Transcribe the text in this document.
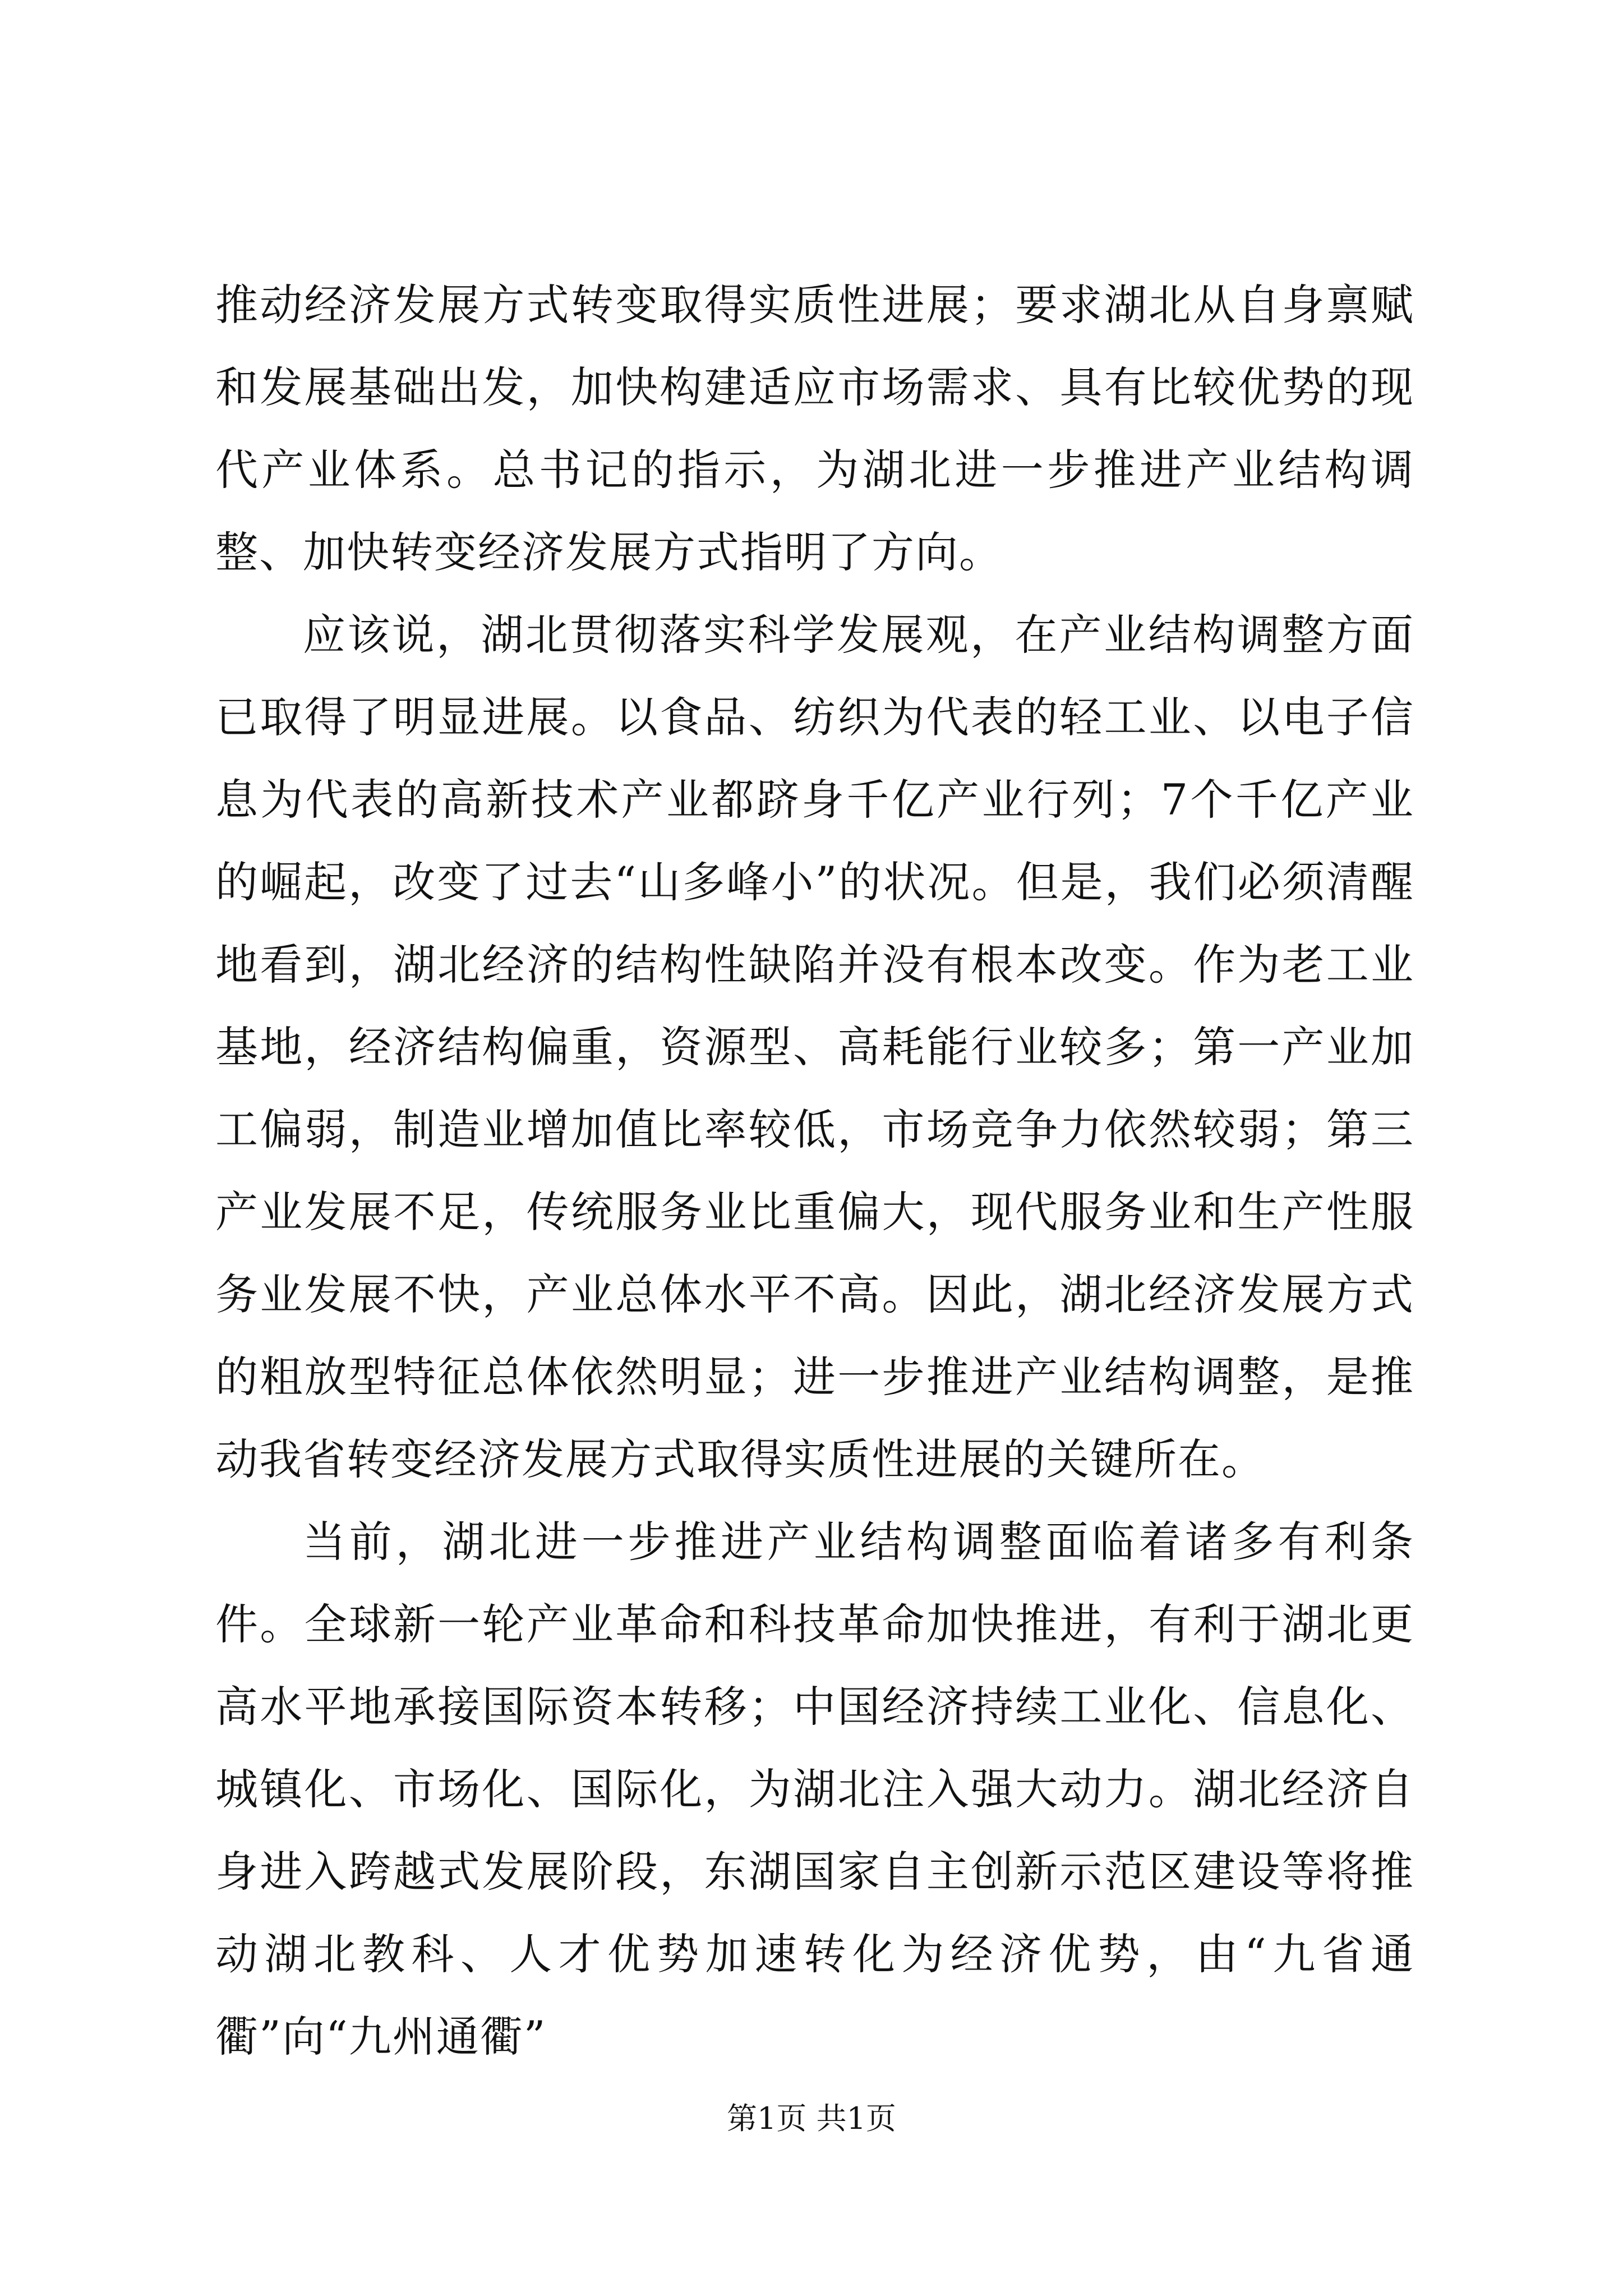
推动经济发展方式转变取得实质性进展；要求湖北从自身禀赋和发展基础出发，加快构建适应市场需求、具有比较优势的现代产业体系。总书记的指示，为湖北进一步推进产业结构调整、加快转变经济发展方式指明了方向。

应该说，湖北贯彻落实科学发展观，在产业结构调整方面已取得了明显进展。以食品、纺织为代表的轻工业、以电子信息为代表的高新技术产业都跻身千亿产业行列；7个千亿产业的崛起，改变了过去“山多峰小”的状况。但是，我们必须清醒地看到，湖北经济的结构性缺陷并没有根本改变。作为老工业基地，经济结构偏重，资源型、高耗能行业较多；第一产业加工偏弱，制造业增加值比率较低，市场竞争力依然较弱；第三产业发展不足，传统服务业比重偏大，现代服务业和生产性服务业发展不快，产业总体水平不高。因此，湖北经济发展方式的粗放型特征总体依然明显；进一步推进产业结构调整，是推动我省转变经济发展方式取得实质性进展的关键所在。

当前，湖北进一步推进产业结构调整面临着诸多有利条件。全球新一轮产业革命和科技革命加快推进，有利于湖北更高水平地承接国际资本转移；中国经济持续工业化、信息化、城镇化、市场化、国际化，为湖北注入强大动力。湖北经济自身进入跨越式发展阶段，东湖国家自主创新示范区建设等将推动湖北教科、人才优势加速转化为经济优势，由“九省通衢”向“九州通衢”

第1页 共1页
